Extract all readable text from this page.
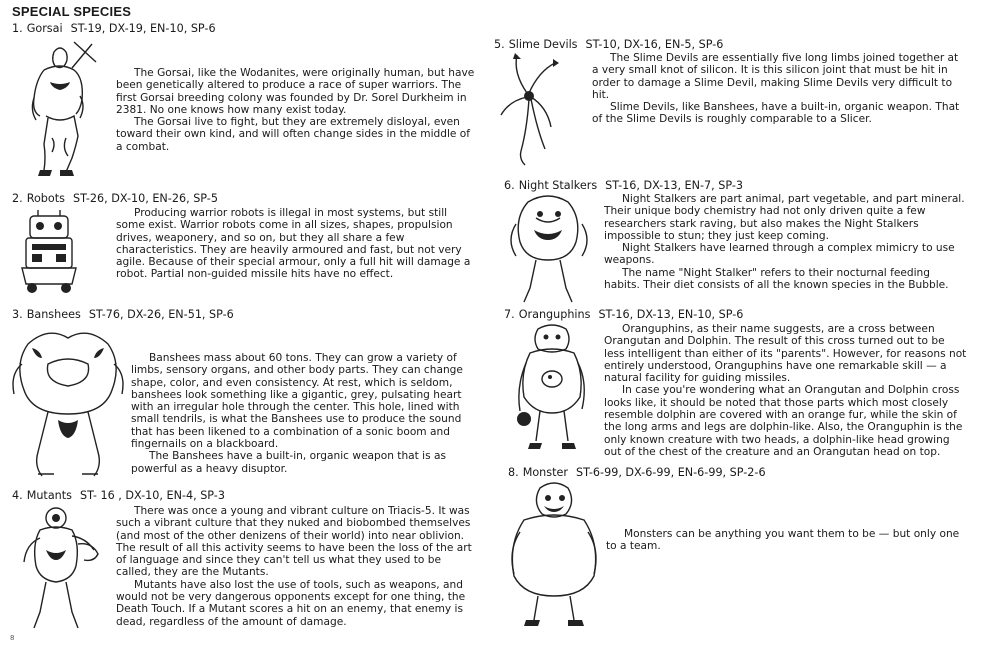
SPECIAL SPECIES
1. Gorsai ST-19, DX-19, EN-10, SP-6

The Gorsai, like the Wodanites, were originally human, but have been genetically altered to produce a race of super warriors. The first Gorsai breeding colony was founded by Dr. Sorel Durkheim in 2381. No one knows how many exist today.

The Gorsai live to fight, but they are extremely disloyal, even toward their own kind, and will often change sides in the middle of a combat.

2. Robots ST-26, DX-10, EN-26, SP-5

Producing warrior robots is illegal in most systems, but still some exist. Warrior robots come in all sizes, shapes, propulsion drives, weaponery, and so on, but they all share a few characteristics. They are heavily armoured and fast, but not very agile. Because of their special armour, only a full hit will damage a robot. Partial non-guided missile hits have no effect.

3. Banshees ST-76, DX-26, EN-51, SP-6

Banshees mass about 60 tons. They can grow a variety of limbs, sensory organs, and other body parts. They can change shape, color, and even consistency. At rest, which is seldom, banshees look something like a gigantic, grey, pulsating heart with an irregular hole through the center. This hole, lined with small tendrils, is what the Banshees use to produce the sound that has been likened to a combination of a sonic boom and fingernails on a blackboard.

The Banshees have a built-in, organic weapon that is as powerful as a heavy disuptor.

4. Mutants ST- 16 , DX-10, EN-4, SP-3

There was once a young and vibrant culture on Triacis-5. It was such a vibrant culture that they nuked and biobombed themselves (and most of the other denizens of their world) into near oblivion. The result of all this activity seems to have been the loss of the art of language and since they can't tell us what they used to be called, they are the Mutants.

Mutants have also lost the use of tools, such as weapons, and would not be very dangerous opponents except for one thing, the Death Touch. If a Mutant scores a hit on an enemy, that enemy is dead, regardless of the amount of damage.

5. Slime Devils ST-10, DX-16, EN-5, SP-6

The Slime Devils are essentially five long limbs joined together at a very small knot of silicon. It is this silicon joint that must be hit in order to damage a Slime Devil, making Slime Devils very difficult to hit.

Slime Devils, like Banshees, have a built-in, organic weapon. That of the Slime Devils is roughly comparable to a Slicer.

6. Night Stalkers ST-16, DX-13, EN-7, SP-3

Night Stalkers are part animal, part vegetable, and part mineral. Their unique body chemistry had not only driven quite a few researchers stark raving, but also makes the Night Stalkers impossible to stun; they just keep coming.

Night Stalkers have learned through a complex mimicry to use weapons.

The name "Night Stalker" refers to their nocturnal feeding habits. Their diet consists of all the known species in the Bubble.

7. Oranguphins ST-16, DX-13, EN-10, SP-6

Oranguphins, as their name suggests, are a cross between Orangutan and Dolphin. The result of this cross turned out to be less intelligent than either of its "parents". However, for reasons not entirely understood, Oranguphins have one remarkable skill — a natural facility for guiding missiles.

In case you're wondering what an Orangutan and Dolphin cross looks like, it should be noted that those parts which most closely resemble dolphin are covered with an orange fur, while the skin of the long arms and legs are dolphin-like. Also, the Oranguphin is the only known creature with two heads, a dolphin-like head growing out of the chest of the creature and an Orangutan head on top.

8. Monster ST-6-99, DX-6-99, EN-6-99, SP-2-6

Monsters can be anything you want them to be — but only one to a team.

8
